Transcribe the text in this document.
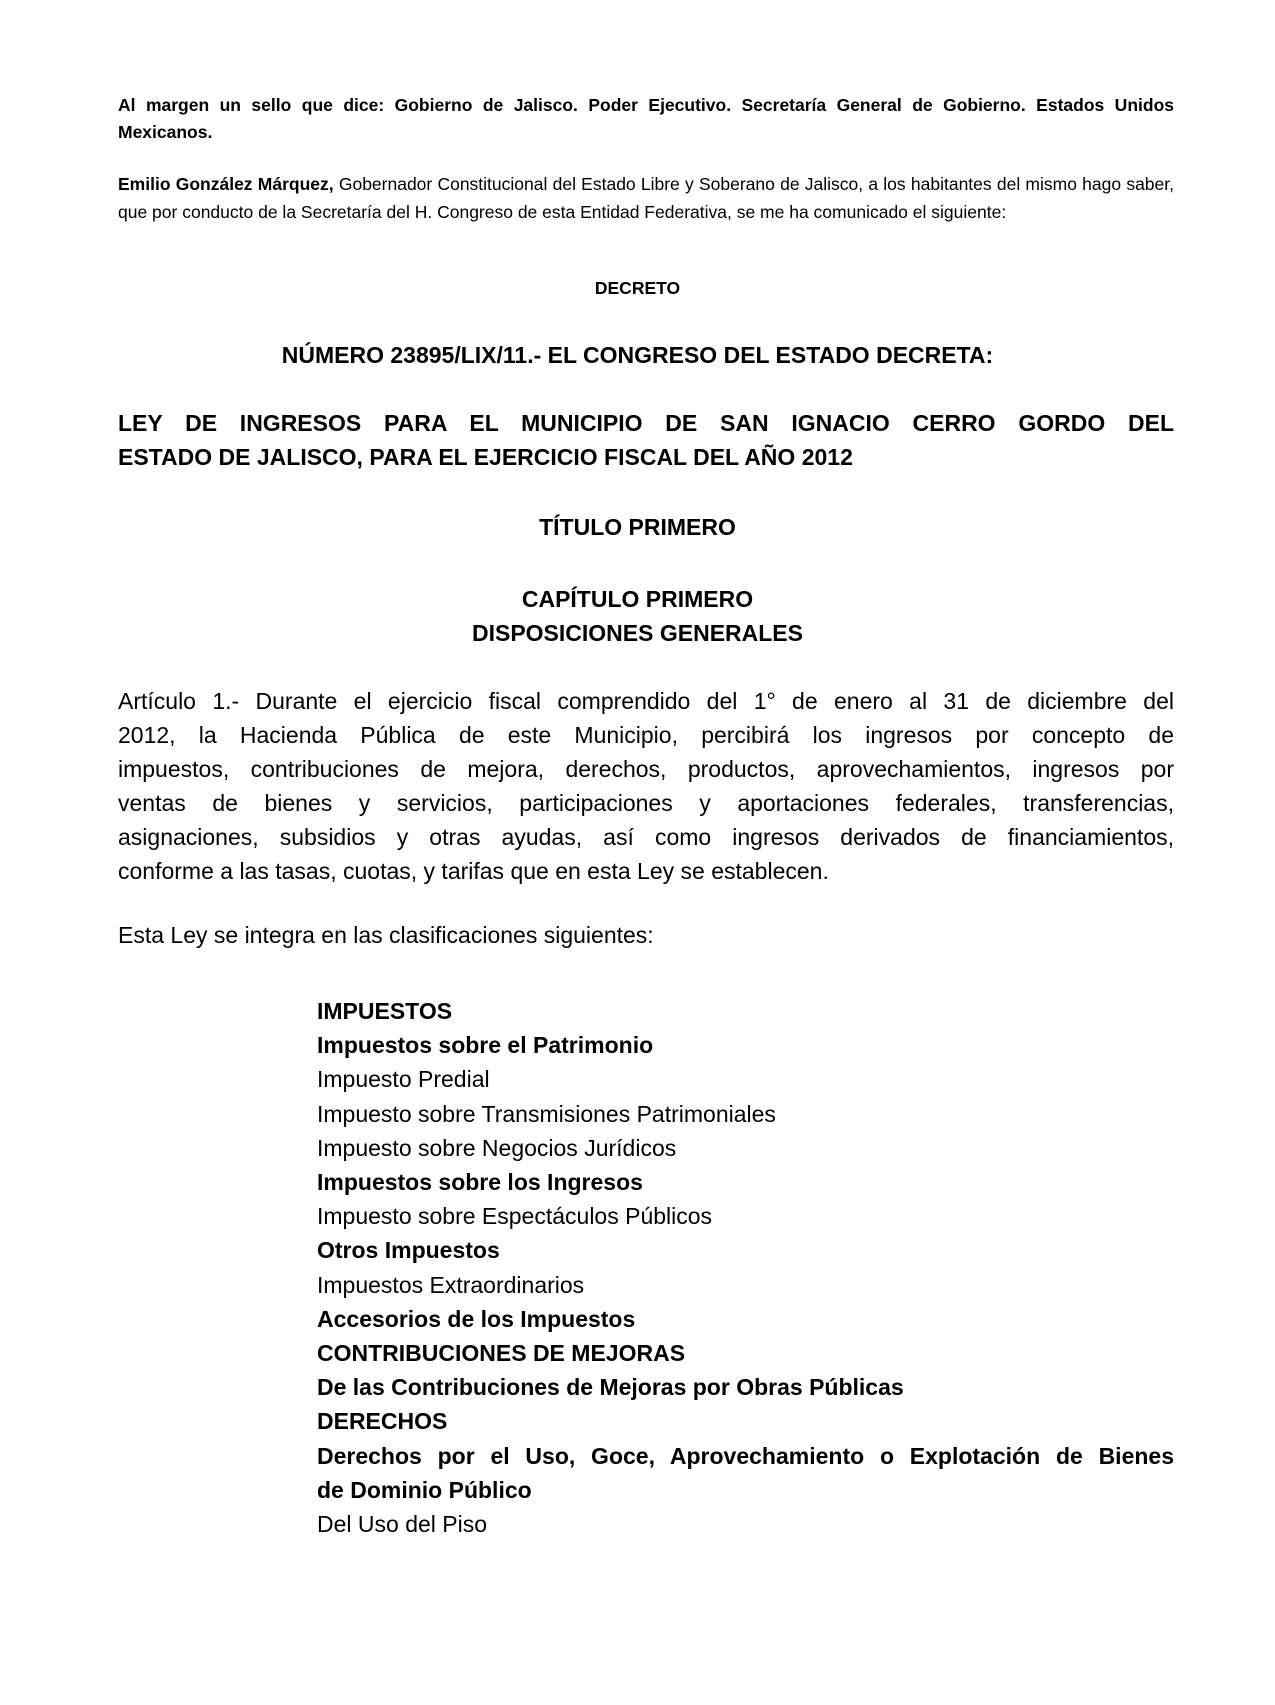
Al margen un sello que dice: Gobierno de Jalisco. Poder Ejecutivo. Secretaría General de Gobierno. Estados Unidos Mexicanos.
Emilio González Márquez, Gobernador Constitucional del Estado Libre y Soberano de Jalisco, a los habitantes del mismo hago saber, que por conducto de la Secretaría del H. Congreso de esta Entidad Federativa, se me ha comunicado el siguiente:
DECRETO
NÚMERO 23895/LIX/11.- EL CONGRESO DEL ESTADO DECRETA:
LEY DE INGRESOS PARA EL MUNICIPIO DE SAN IGNACIO CERRO GORDO DEL
ESTADO DE JALISCO, PARA EL EJERCICIO FISCAL DEL AÑO 2012
TÍTULO PRIMERO
CAPÍTULO PRIMERO
DISPOSICIONES GENERALES
Artículo 1.- Durante el ejercicio fiscal comprendido del 1° de enero al 31 de diciembre del
2012, la Hacienda Pública de este Municipio, percibirá los ingresos por concepto de
impuestos, contribuciones de mejora, derechos, productos, aprovechamientos, ingresos por
ventas de bienes y servicios, participaciones y aportaciones federales, transferencias,
asignaciones, subsidios y otras ayudas, así como ingresos derivados de financiamientos,
conforme a las tasas, cuotas, y tarifas que en esta Ley se establecen.
Esta Ley se integra en las clasificaciones siguientes:
IMPUESTOS
Impuestos sobre el Patrimonio
Impuesto Predial
Impuesto sobre Transmisiones Patrimoniales
Impuesto sobre Negocios Jurídicos
Impuestos sobre los Ingresos
Impuesto sobre Espectáculos Públicos
Otros Impuestos
Impuestos Extraordinarios
Accesorios de los Impuestos
CONTRIBUCIONES DE MEJORAS
De las Contribuciones de Mejoras por Obras Públicas
DERECHOS
Derechos por el Uso, Goce, Aprovechamiento o Explotación de Bienes
de Dominio Público
Del Uso del Piso
